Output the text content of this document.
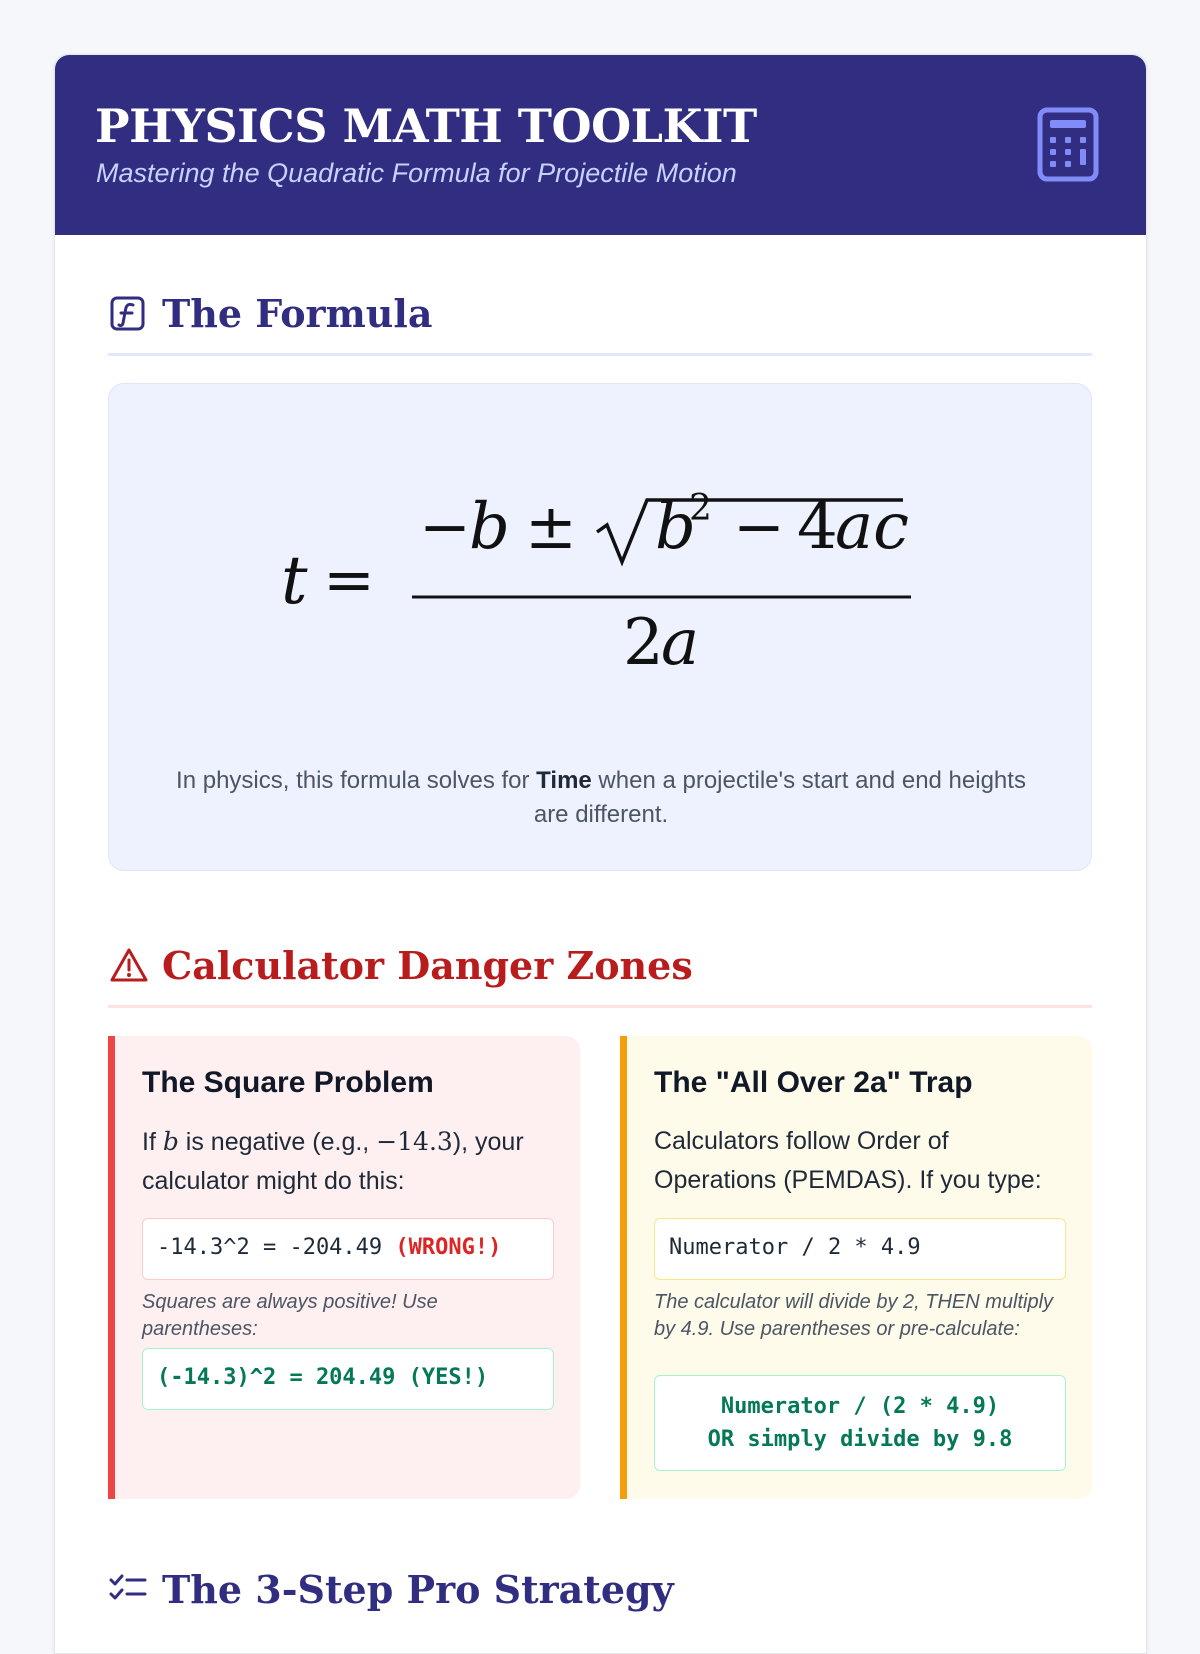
PHYSICS MATH TOOLKIT
Mastering the Quadratic Formula for Projectile Motion
The Formula
t =
−
b ± b
2 − 4
ac
2
a
In physics, this formula solves for Time when a projectile's start and end heights are different.
Calculator Danger Zones
The Square Problem
If b is negative (e.g., −14.3), your calculator might do this:
-14.3^2 = -204.49 (WRONG!)
Squares are always positive! Use parentheses:
(-14.3)^2 = 204.49 (YES!)
The "All Over 2a" Trap
Calculators follow Order of Operations (PEMDAS). If you type:
Numerator / 2 * 4.9
The calculator will divide by 2, THEN multiply by 4.9. Use parentheses or pre-calculate:
Numerator / (2 * 4.9)
OR simply divide by 9.8
The 3-Step Pro Strategy
